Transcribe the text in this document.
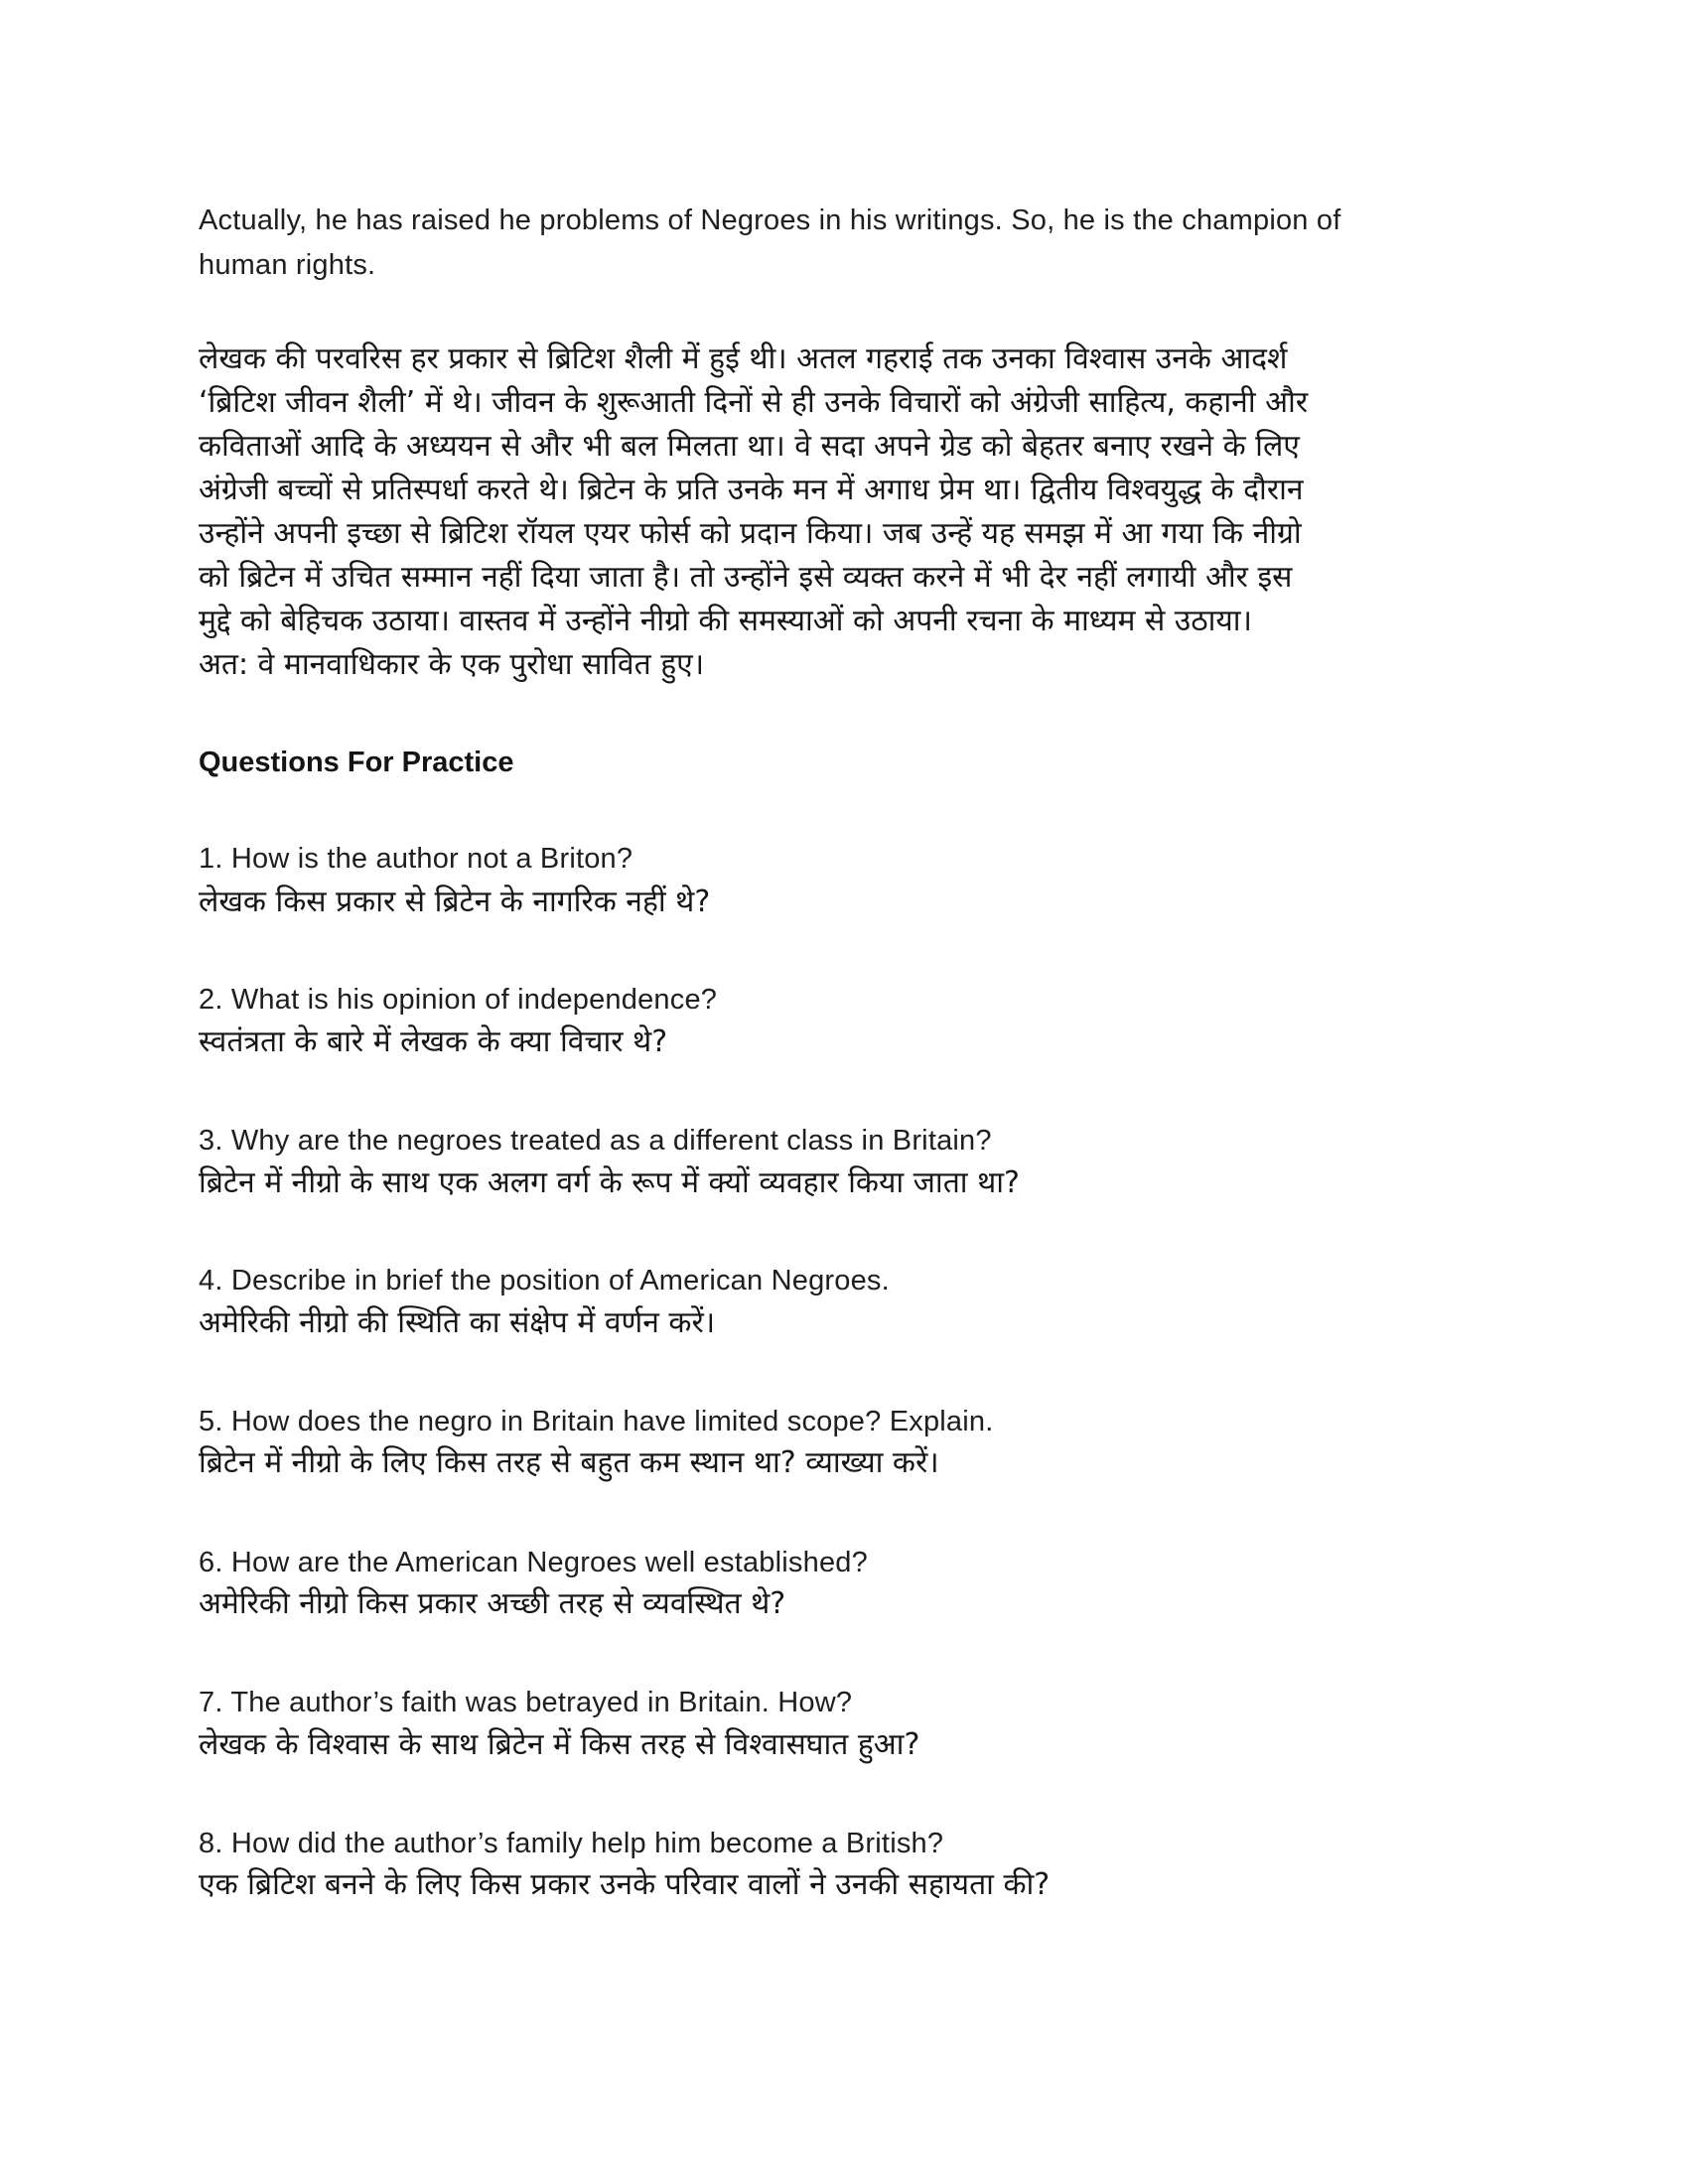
Actually, he has raised he problems of Negroes in his writings. So, he is the champion of
human rights.
लेखक की परवरिस हर प्रकार से ब्रिटिश शैली में हुई थी। अतल गहराई तक उनका विश्वास उनके आदर्श
‘ब्रिटिश जीवन शैली’ में थे। जीवन के शुरूआती दिनों से ही उनके विचारों को अंग्रेजी साहित्य, कहानी और
कविताओं आदि के अध्ययन से और भी बल मिलता था। वे सदा अपने ग्रेड को बेहतर बनाए रखने के लिए
अंग्रेजी बच्चों से प्रतिस्पर्धा करते थे। ब्रिटेन के प्रति उनके मन में अगाध प्रेम था। द्वितीय विश्वयुद्ध के दौरान
उन्होंने अपनी इच्छा से ब्रिटिश रॉयल एयर फोर्स को प्रदान किया। जब उन्हें यह समझ में आ गया कि नीग्रो
को ब्रिटेन में उचित सम्मान नहीं दिया जाता है। तो उन्होंने इसे व्यक्त करने में भी देर नहीं लगायी और इस
मुद्दे को बेहिचक उठाया। वास्तव में उन्होंने नीग्रो की समस्याओं को अपनी रचना के माध्यम से उठाया।
अत: वे मानवाधिकार के एक पुरोधा सावित हुए।
Questions For Practice
1. How is the author not a Briton?
लेखक किस प्रकार से ब्रिटेन के नागरिक नहीं थे?
2. What is his opinion of independence?
स्वतंत्रता के बारे में लेखक के क्या विचार थे?
3. Why are the negroes treated as a different class in Britain?
ब्रिटेन में नीग्रो के साथ एक अलग वर्ग के रूप में क्यों व्यवहार किया जाता था?
4. Describe in brief the position of American Negroes.
अमेरिकी नीग्रो की स्थिति का संक्षेप में वर्णन करें।
5. How does the negro in Britain have limited scope? Explain.
ब्रिटेन में नीग्रो के लिए किस तरह से बहुत कम स्थान था? व्याख्या करें।
6. How are the American Negroes well established?
अमेरिकी नीग्रो किस प्रकार अच्छी तरह से व्यवस्थित थे?
7. The author’s faith was betrayed in Britain. How?
लेखक के विश्वास के साथ ब्रिटेन में किस तरह से विश्वासघात हुआ?
8. How did the author’s family help him become a British?
एक ब्रिटिश बनने के लिए किस प्रकार उनके परिवार वालों ने उनकी सहायता की?
